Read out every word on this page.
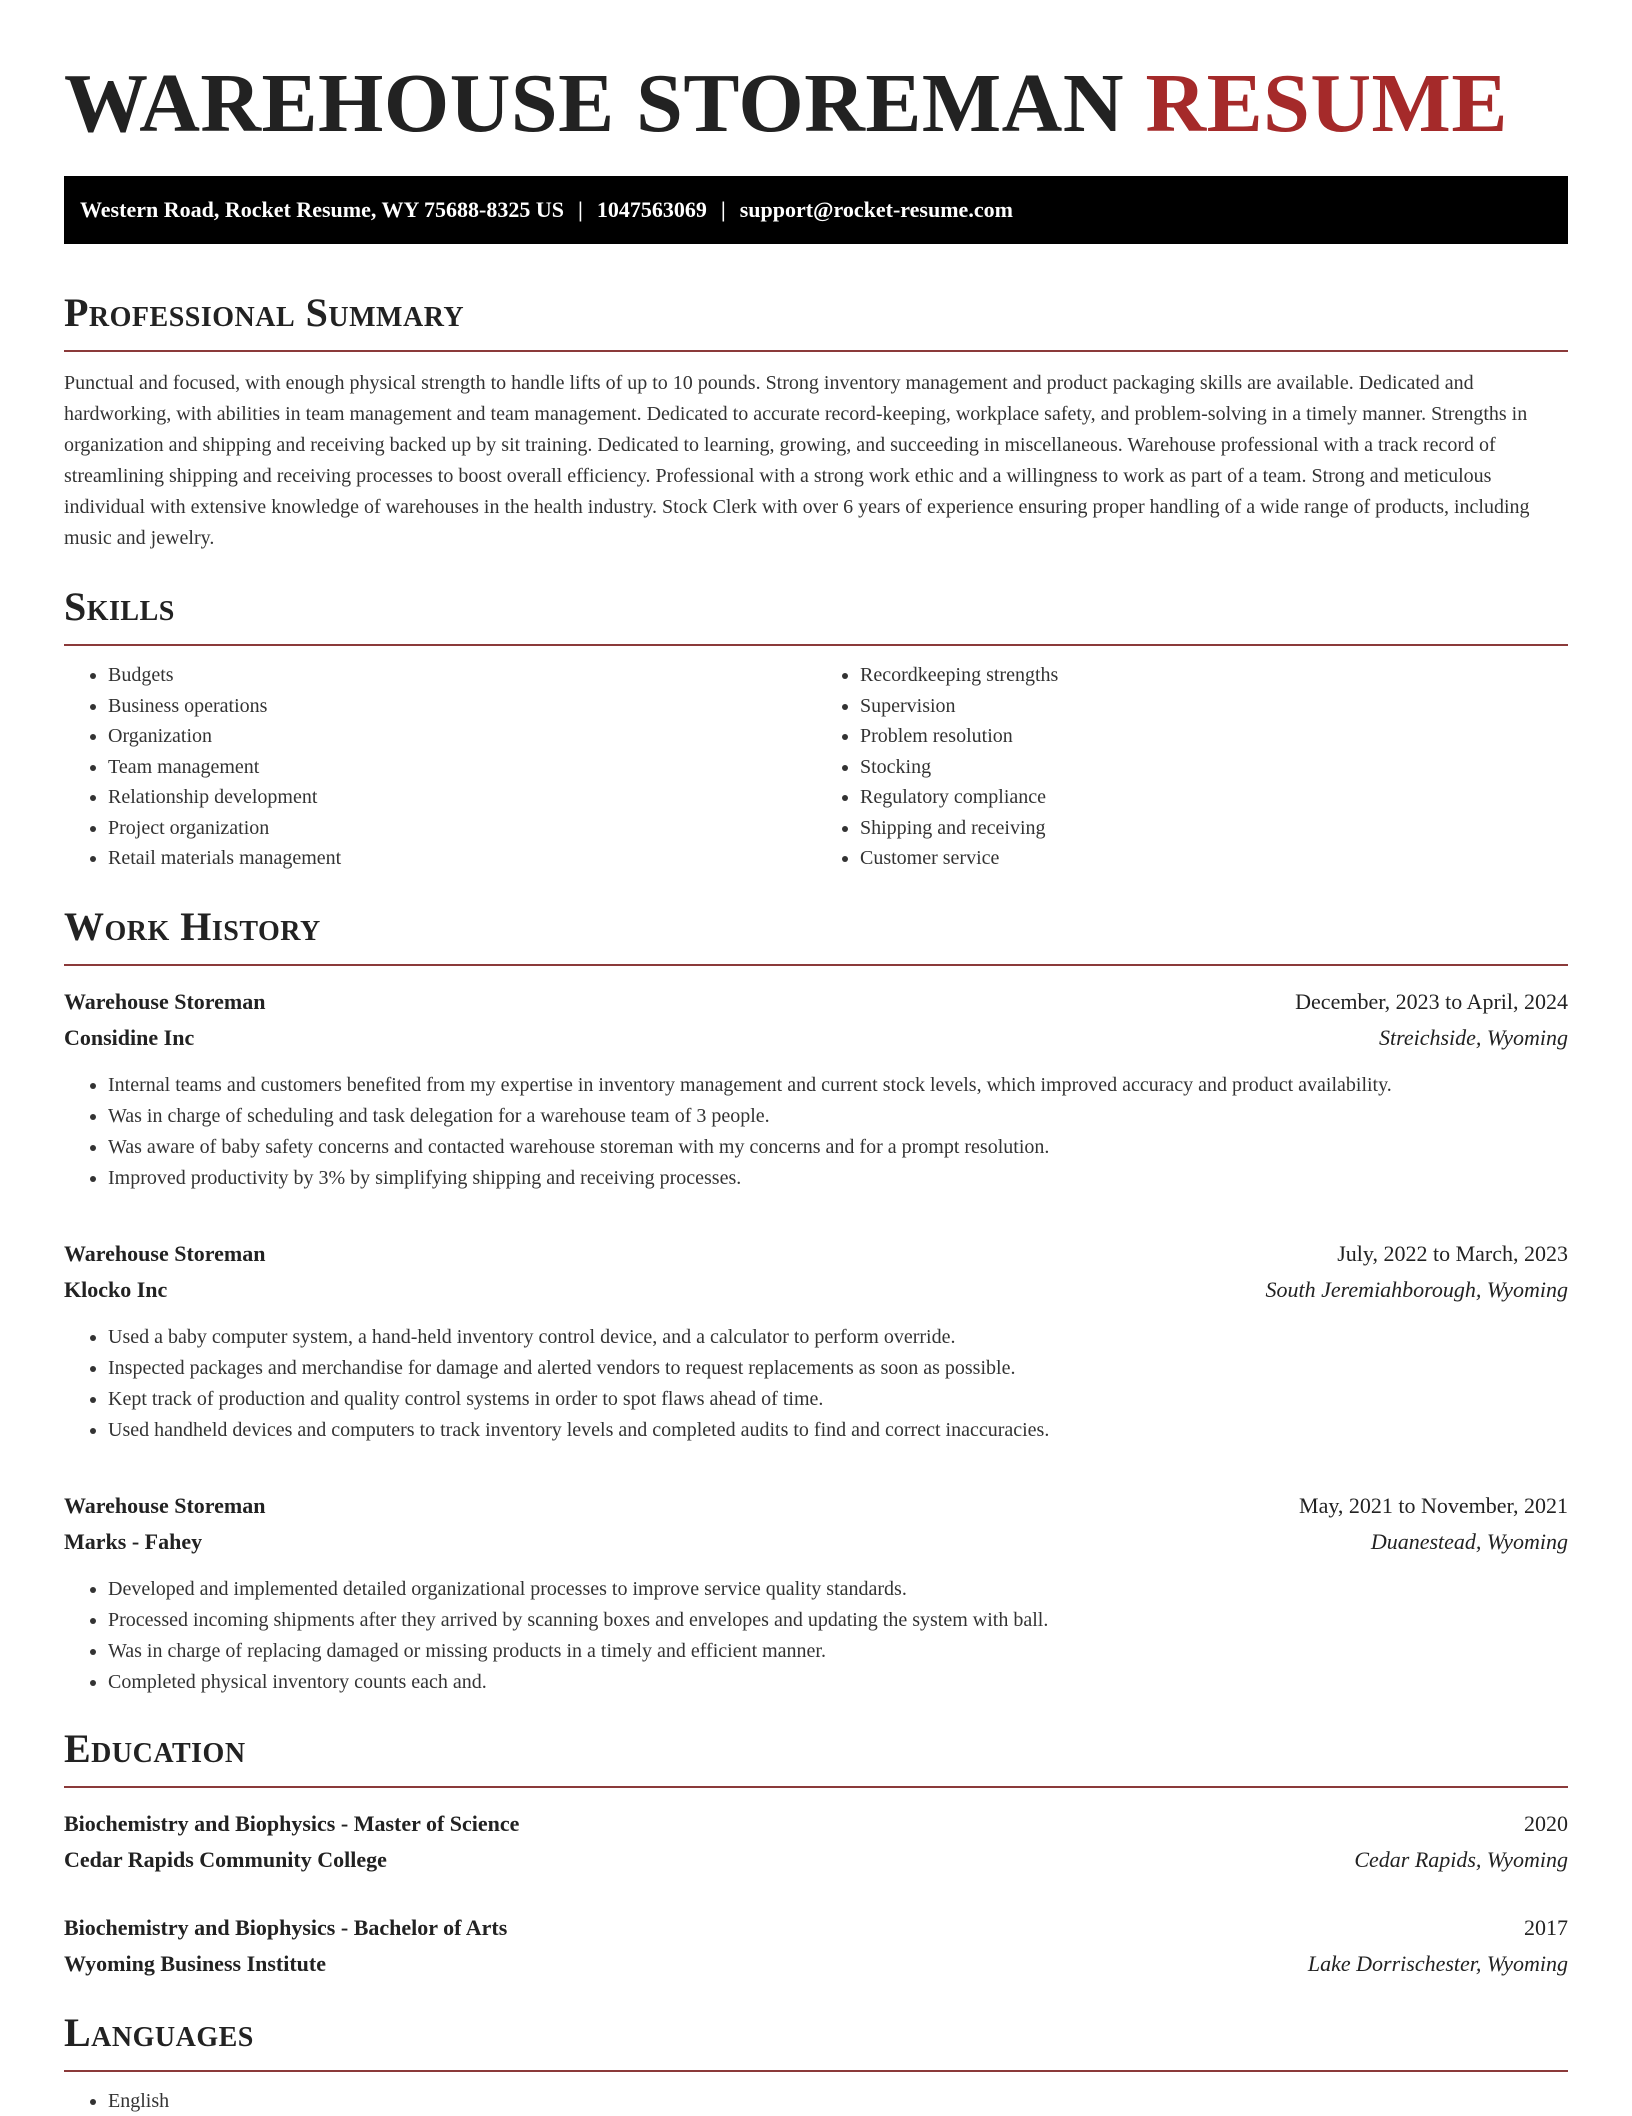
WAREHOUSE STOREMAN RESUME
Western Road, Rocket Resume, WY 75688-8325 US | 1047563069 | support@rocket-resume.com
Professional Summary

Punctual and focused, with enough physical strength to handle lifts of up to 10 pounds. Strong inventory management and product packaging skills are available. Dedicated and hardworking, with abilities in team management and team management. Dedicated to accurate record-keeping, workplace safety, and problem-solving in a timely manner. Strengths in organization and shipping and receiving backed up by sit training. Dedicated to learning, growing, and succeeding in miscellaneous. Warehouse professional with a track record of streamlining shipping and receiving processes to boost overall efficiency. Professional with a strong work ethic and a willingness to work as part of a team. Strong and meticulous individual with extensive knowledge of warehouses in the health industry. Stock Clerk with over 6 years of experience ensuring proper handling of a wide range of products, including music and jewelry.

Skills
• Budgets
• Business operations
• Organization
• Team management
• Relationship development
• Project organization
• Retail materials management
• Recordkeeping strengths
• Supervision
• Problem resolution
• Stocking
• Regulatory compliance
• Shipping and receiving
• Customer service
Work History
Warehouse Storeman	December, 2023 to April, 2024
Considine Inc	Streichside, Wyoming
• Internal teams and customers benefited from my expertise in inventory management and current stock levels, which improved accuracy and product availability.
• Was in charge of scheduling and task delegation for a warehouse team of 3 people.
• Was aware of baby safety concerns and contacted warehouse storeman with my concerns and for a prompt resolution.
• Improved productivity by 3% by simplifying shipping and receiving processes.
Warehouse Storeman	July, 2022 to March, 2023
Klocko Inc	South Jeremiahborough, Wyoming
• Used a baby computer system, a hand-held inventory control device, and a calculator to perform override.
• Inspected packages and merchandise for damage and alerted vendors to request replacements as soon as possible.
• Kept track of production and quality control systems in order to spot flaws ahead of time.
• Used handheld devices and computers to track inventory levels and completed audits to find and correct inaccuracies.
Warehouse Storeman	May, 2021 to November, 2021
Marks - Fahey	Duanestead, Wyoming
• Developed and implemented detailed organizational processes to improve service quality standards.
• Processed incoming shipments after they arrived by scanning boxes and envelopes and updating the system with ball.
• Was in charge of replacing damaged or missing products in a timely and efficient manner.
• Completed physical inventory counts each and.
Education
Biochemistry and Biophysics - Master of Science	2020
Cedar Rapids Community College	Cedar Rapids, Wyoming
Biochemistry and Biophysics - Bachelor of Arts	2017
Wyoming Business Institute	Lake Dorrischester, Wyoming
Languages
• English
